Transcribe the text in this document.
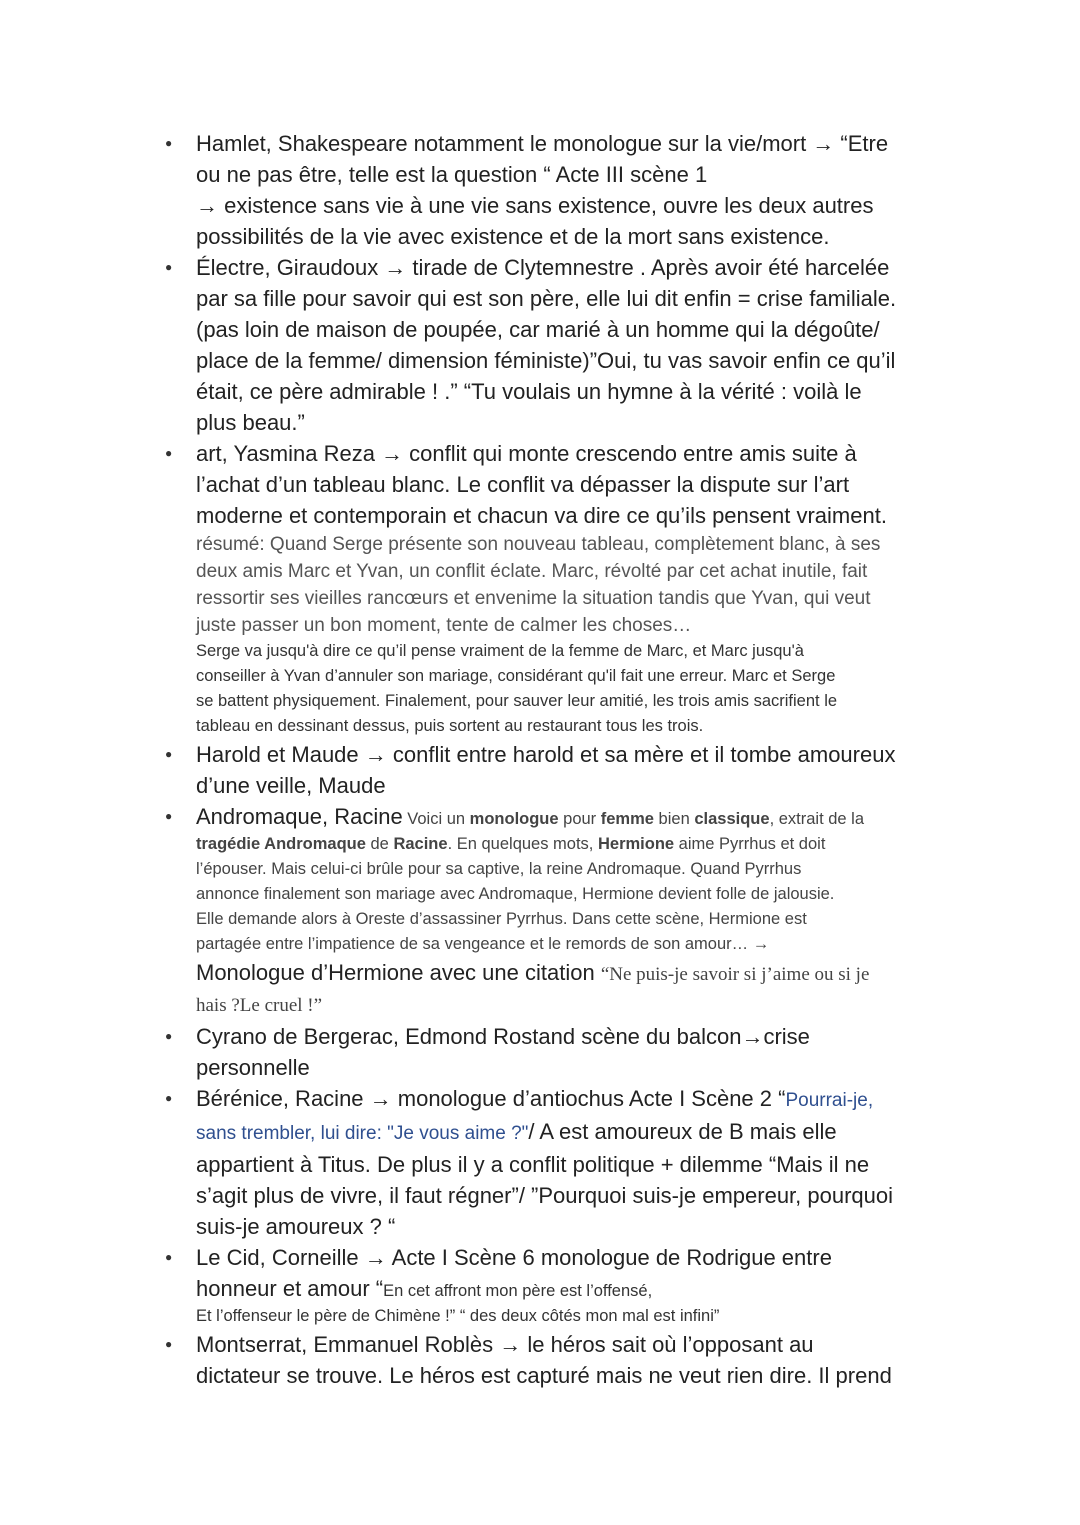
● Hamlet, Shakespeare notamment le monologue sur la vie/mort → “Etre
ou ne pas être, telle est la question “ Acte III scène 1
→ existence sans vie à une vie sans existence, ouvre les deux autres
possibilités de la vie avec existence et de la mort sans existence.
● Électre, Giraudoux → tirade de Clytemnestre . Après avoir été harcelée
par sa fille pour savoir qui est son père, elle lui dit enfin = crise familiale.
(pas loin de maison de poupée, car marié à un homme qui la dégoûte/
place de la femme/ dimension féministe)”Oui, tu vas savoir enfin ce qu’il
était, ce père admirable ! .” “Tu voulais un hymne à la vérité : voilà le
plus beau.”
● art, Yasmina Reza → conflit qui monte crescendo entre amis suite à
l’achat d’un tableau blanc. Le conflit va dépasser la dispute sur l’art
moderne et contemporain et chacun va dire ce qu’ils pensent vraiment.
résumé: Quand Serge présente son nouveau tableau, complètement blanc, à ses
deux amis Marc et Yvan, un conflit éclate. Marc, révolté par cet achat inutile, fait
ressortir ses vieilles rancœurs et envenime la situation tandis que Yvan, qui veut
juste passer un bon moment, tente de calmer les choses…
Serge va jusqu'à dire ce qu’il pense vraiment de la femme de Marc, et Marc jusqu'à
conseiller à Yvan d’annuler son mariage, considérant qu'il fait une erreur. Marc et Serge
se battent physiquement. Finalement, pour sauver leur amitié, les trois amis sacrifient le
tableau en dessinant dessus, puis sortent au restaurant tous les trois.
● Harold et Maude → conflit entre harold et sa mère et il tombe amoureux
d’une veille, Maude
● Andromaque, Racine Voici un monologue pour femme bien classique, extrait de la
tragédie Andromaque de Racine. En quelques mots, Hermione aime Pyrrhus et doit
l’épouser. Mais celui-ci brûle pour sa captive, la reine Andromaque. Quand Pyrrhus
annonce finalement son mariage avec Andromaque, Hermione devient folle de jalousie.
Elle demande alors à Oreste d’assassiner Pyrrhus. Dans cette scène, Hermione est
partagée entre l’impatience de sa vengeance et le remords de son amour… →
Monologue d’Hermione avec une citation “Ne puis-je savoir si j’aime ou si je
hais ?Le cruel !”
● Cyrano de Bergerac, Edmond Rostand scène du balcon→crise
personnelle
● Bérénice, Racine → monologue d’antiochus Acte I Scène 2 “Pourrai-je,
sans trembler, lui dire: "Je vous aime ?"/ A est amoureux de B mais elle
appartient à Titus. De plus il y a conflit politique + dilemme “Mais il ne
s’agit plus de vivre, il faut régner”/ ”Pourquoi suis-je empereur, pourquoi
suis-je amoureux ? “
● Le Cid, Corneille → Acte I Scène 6 monologue de Rodrigue entre
honneur et amour “En cet affront mon père est l’offensé,
Et l’offenseur le père de Chimène !” “ des deux côtés mon mal est infini”
● Montserrat, Emmanuel Roblès → le héros sait où l’opposant au
dictateur se trouve. Le héros est capturé mais ne veut rien dire. Il prend
